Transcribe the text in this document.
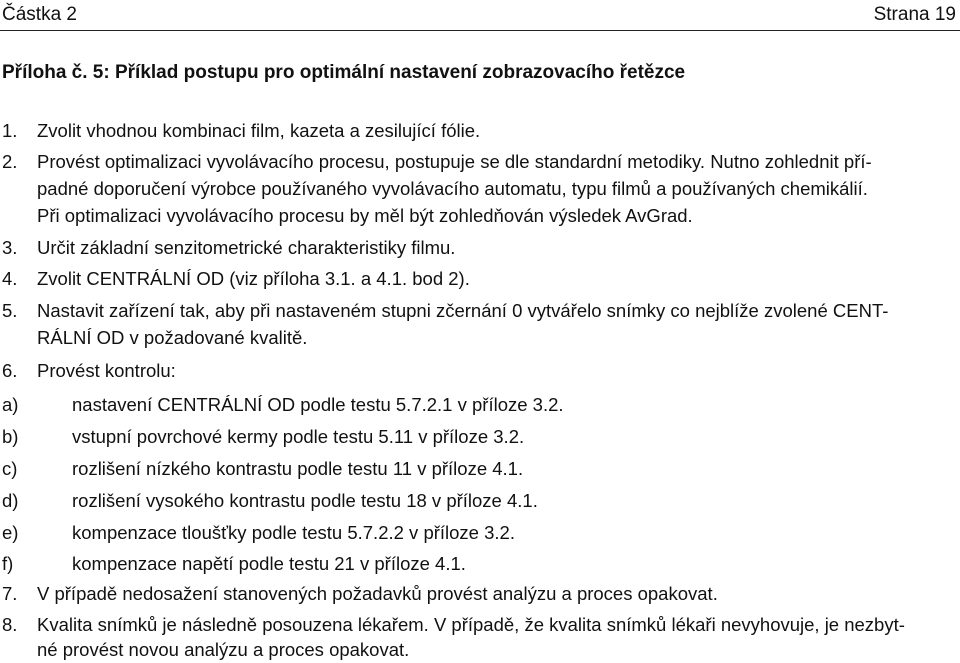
Částka 2	Strana 19
Příloha č. 5: Příklad postupu pro optimální nastavení zobrazovacího řetězce
1. Zvolit vhodnou kombinaci film, kazeta a zesilující fólie.
2. Provést optimalizaci vyvolávacího procesu, postupuje se dle standardní metodiky. Nutno zohlednit pří-
padné doporučení výrobce používaného vyvolávacího automatu, typu filmů a používaných chemikálií.
Při optimalizaci vyvolávacího procesu by měl být zohledňován výsledek AvGrad.
3. Určit základní senzitometrické charakteristiky filmu.
4. Zvolit CENTRÁLNÍ OD (viz příloha 3.1. a 4.1. bod 2).
5. Nastavit zařízení tak, aby při nastaveném stupni zčernání 0 vytvářelo snímky co nejblíže zvolené CENT-
RÁLNÍ OD v požadované kvalitě.
6. Provést kontrolu:
a)	nastavení CENTRÁLNÍ OD podle testu 5.7.2.1 v příloze 3.2.
b)	vstupní povrchové kermy podle testu 5.11 v příloze 3.2.
c)	rozlišení nízkého kontrastu podle testu 11 v příloze 4.1.
d)	rozlišení vysokého kontrastu podle testu 18 v příloze 4.1.
e)	kompenzace tloušťky podle testu 5.7.2.2 v příloze 3.2.
f)	kompenzace napětí podle testu 21 v příloze 4.1.
7. V případě nedosažení stanovených požadavků provést analýzu a proces opakovat.
8. Kvalita snímků je následně posouzena lékařem. V případě, že kvalita snímků lékaři nevyhovuje, je nezbyt-
né provést novou analýzu a proces opakovat.
